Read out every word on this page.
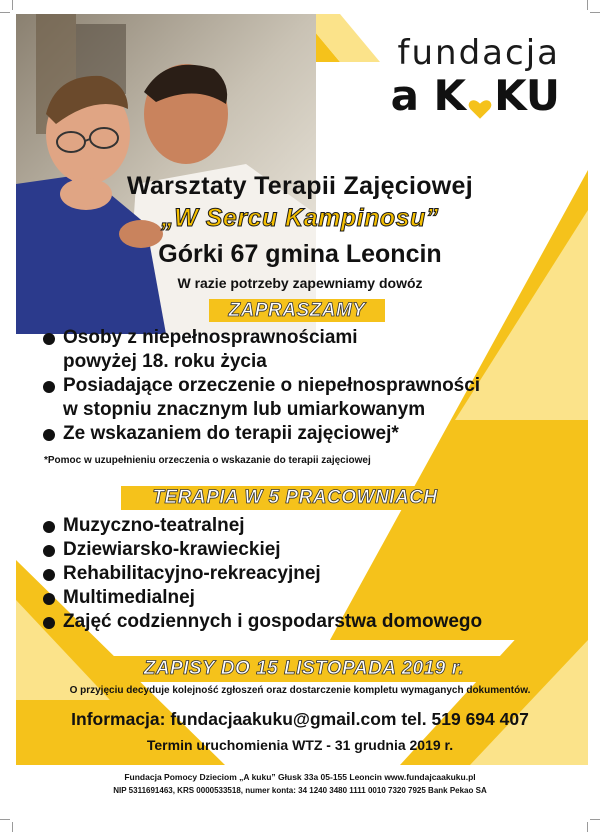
fundacja
a K KU
Warsztaty Terapii Zajęciowej
„W Sercu Kampinosu”
Górki 67 gmina Leoncin
W razie potrzeby zapewniamy dowóz
ZAPRASZAMY
Osoby z niepełnosprawnościami
powyżej 18. roku życia
Posiadające orzeczenie o niepełnosprawności
w stopniu znacznym lub umiarkowanym
Ze wskazaniem do terapii zajęciowej*
*Pomoc w uzupełnieniu orzeczenia o wskazanie do terapii zajęciowej
TERAPIA W 5 PRACOWNIACH
Muzyczno-teatralnej
Dziewiarsko-krawieckiej
Rehabilitacyjno-rekreacyjnej
Multimedialnej
Zajęć codziennych i gospodarstwa domowego
ZAPISY DO 15 LISTOPADA 2019 r.
O przyjęciu decyduje kolejność zgłoszeń oraz dostarczenie kompletu wymaganych dokumentów.
Informacja: fundacjaakuku@gmail.com tel. 519 694 407
Termin uruchomienia WTZ - 31 grudnia 2019 r.
Fundacja Pomocy Dzieciom „A kuku” Głusk 33a 05-155 Leoncin www.fundajcaakuku.pl
NIP 5311691463, KRS 0000533518, numer konta: 34 1240 3480 1111 0010 7320 7925 Bank Pekao SA
